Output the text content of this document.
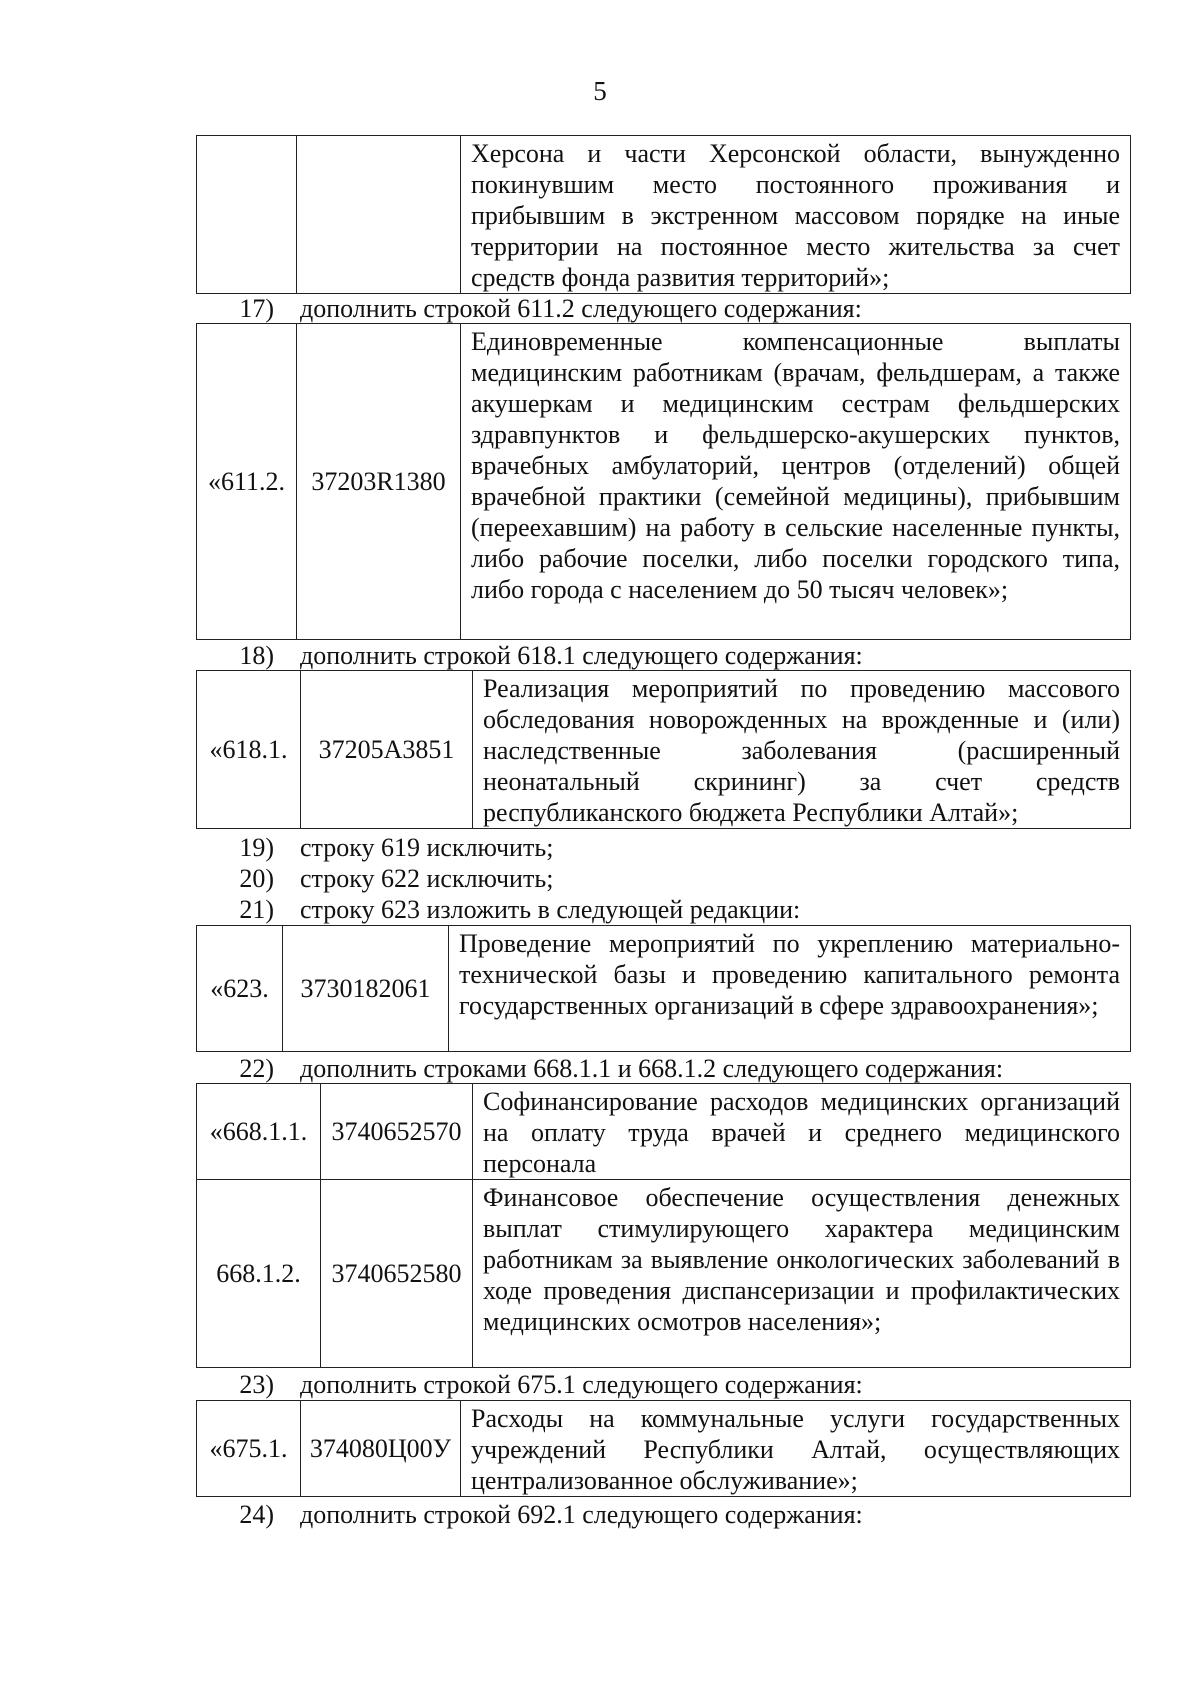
5
		Херсона и части Херсонской области, вынужденно покинувшим место постоянного проживания и прибывшим в экстренном массовом порядке на иные территории на постоянное место жительства за счет средств фонда развития территорий»;
17) дополнить строкой 611.2 следующего содержания:
«611.2.	37203R1380	Единовременные компенсационные выплаты медицинским работникам (врачам, фельдшерам, а также акушеркам и медицинским сестрам фельдшерских здравпунктов и фельдшерско-акушерских пунктов, врачебных амбулаторий, центров (отделений) общей врачебной практики (семейной медицины), прибывшим (переехавшим) на работу в сельские населенные пункты, либо рабочие поселки, либо поселки городского типа, либо города с населением до 50 тысяч человек»;
18) дополнить строкой 618.1 следующего содержания:
«618.1.	37205А3851	Реализация мероприятий по проведению массового обследования новорожденных на врожденные и (или) наследственные заболевания (расширенный неонатальный скрининг) за счет средств республиканского бюджета Республики Алтай»;
19) строку 619 исключить;
20) строку 622 исключить;
21) строку 623 изложить в следующей редакции:
«623.	3730182061	Проведение мероприятий по укреплению материально-технической базы и проведению капитального ремонта государственных организаций в сфере здравоохранения»;
22) дополнить строками 668.1.1 и 668.1.2 следующего содержания:
«668.1.1.	3740652570	Софинансирование расходов медицинских организаций на оплату труда врачей и среднего медицинского персонала
668.1.2.	3740652580	Финансовое обеспечение осуществления денежных выплат стимулирующего характера медицинским работникам за выявление онкологических заболеваний в ходе проведения диспансеризации и профилактических медицинских осмотров населения»;
23) дополнить строкой 675.1 следующего содержания:
«675.1.	374080Ц00У	Расходы на коммунальные услуги государственных учреждений Республики Алтай, осуществляющих централизованное обслуживание»;
24) дополнить строкой 692.1 следующего содержания:
